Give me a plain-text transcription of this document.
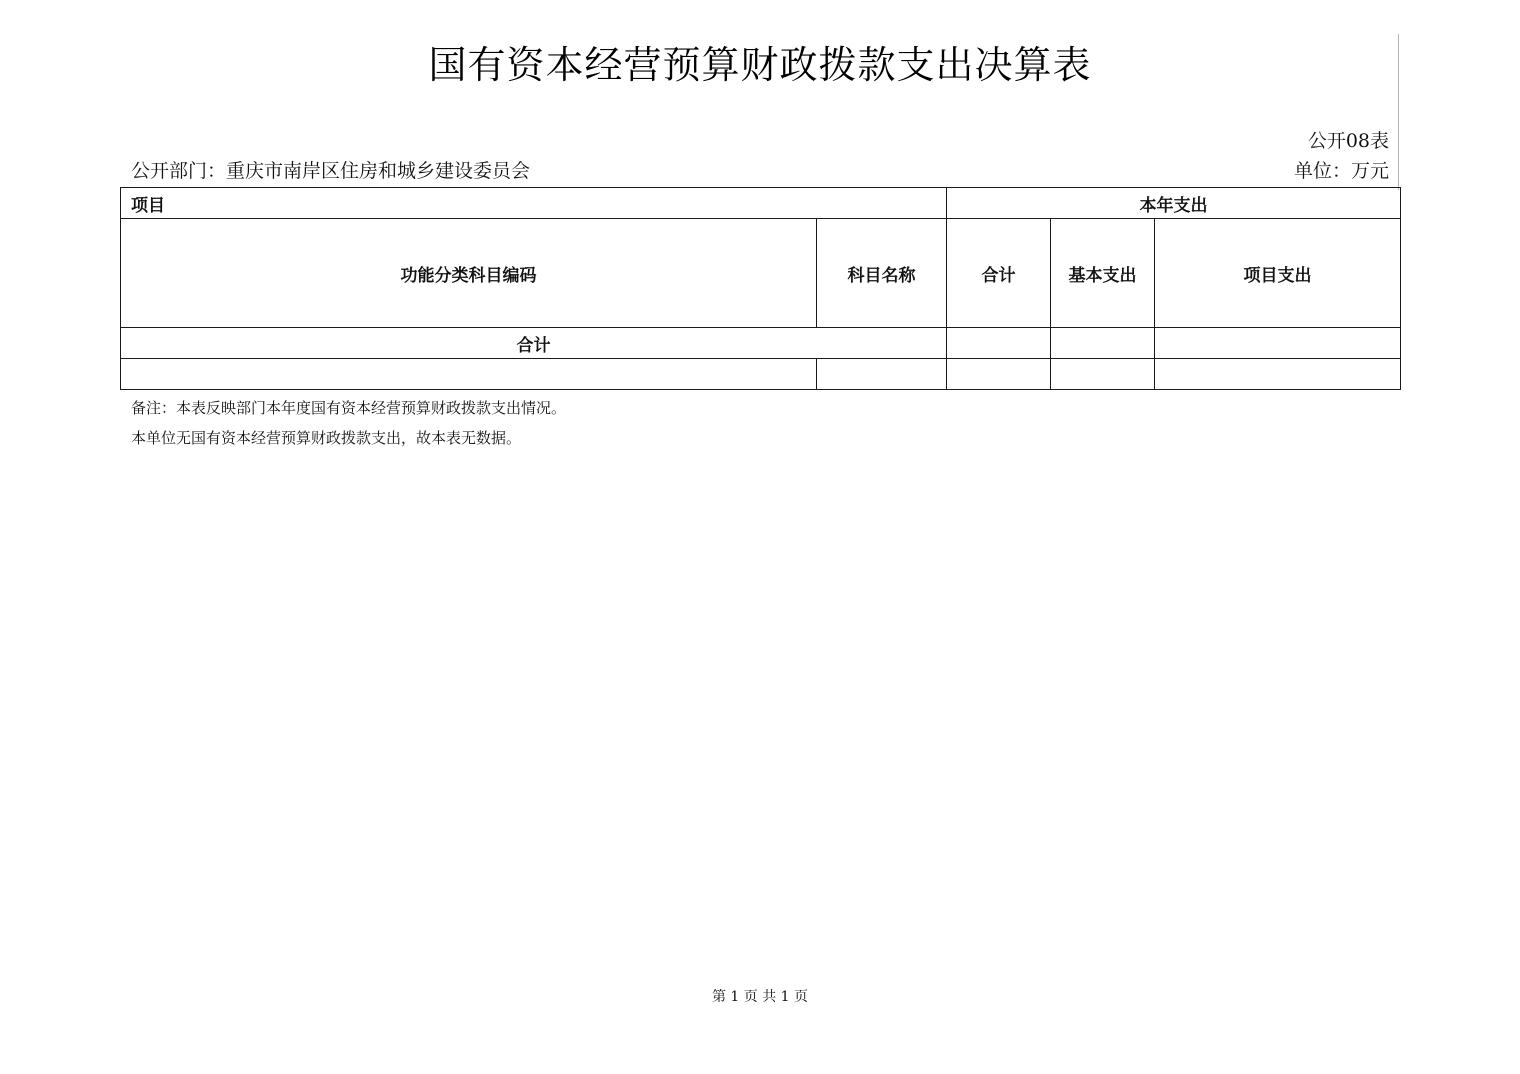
国有资本经营预算财政拨款支出决算表
公开08表
公开部门：重庆市南岸区住房和城乡建设委员会	单位：万元
项目		本年支出		
功能分类科目编码	科目名称	合计	基本支出	项目支出
合计				

备注：本表反映部门本年度国有资本经营预算财政拨款支出情况。
本单位无国有资本经营预算财政拨款支出，故本表无数据。
第 1 页 共 1 页
